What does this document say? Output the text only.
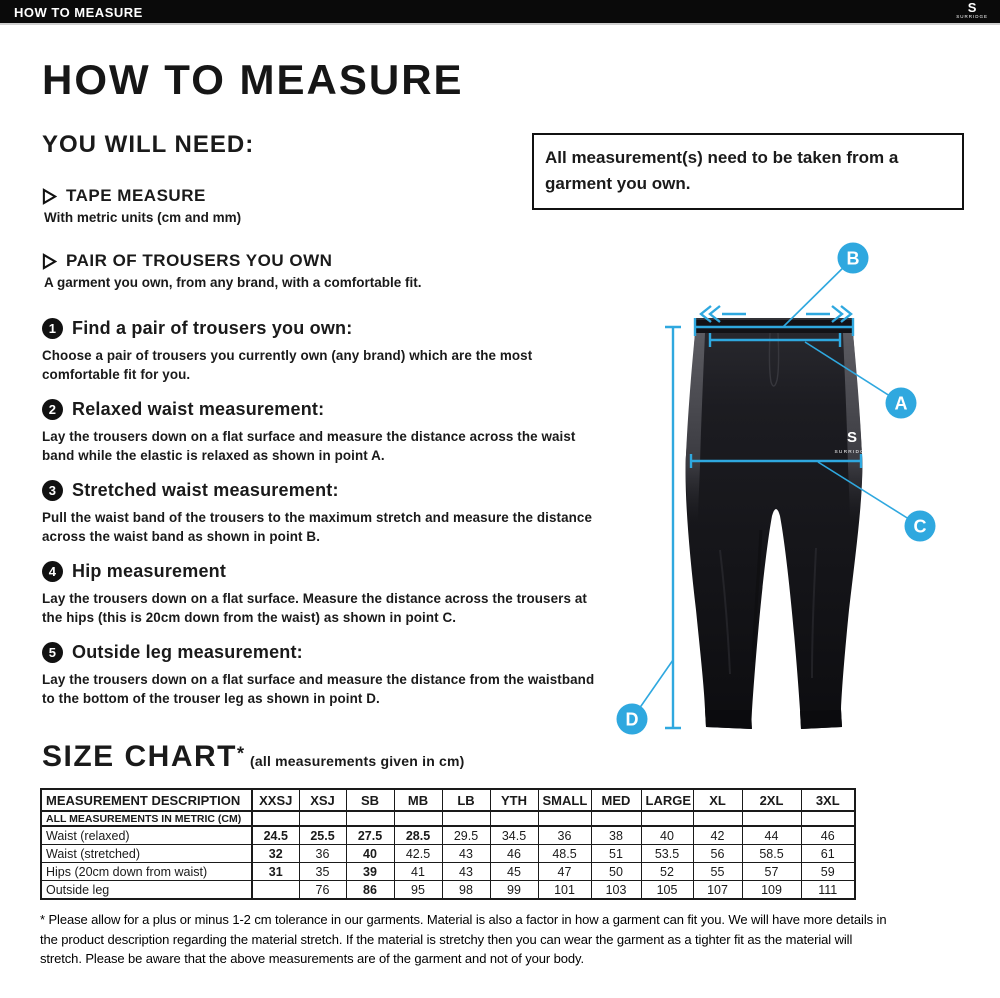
HOW TO MEASURE	S
SURRIDGE
HOW TO MEASURE
YOU WILL NEED:	All measurement(s) need to be taken from a garment you own.
TAPE MEASURE
With metric units (cm and mm)
PAIR OF TROUSERS YOU OWN
A garment you own, from any brand, with a comfortable fit.
1 Find a pair of trousers you own:
Choose a pair of trousers you currently own (any brand) which are the most comfortable fit for you.
2 Relaxed waist measurement:
Lay the trousers down on a flat surface and measure the distance across the waist band while the elastic is relaxed as shown in point A.
3 Stretched waist measurement:
Pull the waist band of the trousers to the maximum stretch and measure the distance across the waist band as shown in point B.
4 Hip measurement
Lay the trousers down on a flat surface. Measure the distance across the trousers at the hips (this is 20cm down from the waist) as shown in point C.
5 Outside leg measurement:
Lay the trousers down on a flat surface and measure the distance from the waistband to the bottom of the trouser leg as shown in point D.
S
SURRIDGE
A
B
C
D
SIZE CHART* (all measurements given in cm)
MEASUREMENT DESCRIPTION	XXSJ	XSJ	SB	MB	LB	YTH	SMALL	MED	LARGE	XL	2XL	3XL
ALL MEASUREMENTS IN METRIC (CM)												
Waist (relaxed)	24.5	25.5	27.5	28.5	29.5	34.5	36	38	40	42	44	46
Waist (stretched)	32	36	40	42.5	43	46	48.5	51	53.5	56	58.5	61
Hips (20cm down from waist)	31	35	39	41	43	45	47	50	52	55	57	59
Outside leg		76	86	95	98	99	101	103	105	107	109	111
* Please allow for a plus or minus 1-2 cm tolerance in our garments. Material is also a factor in how a garment can fit you. We will have more details in the product description regarding the material stretch. If the material is stretchy then you can wear the garment as a tighter fit as the material will stretch. Please be aware that the above measurements are of the garment and not of your body.
